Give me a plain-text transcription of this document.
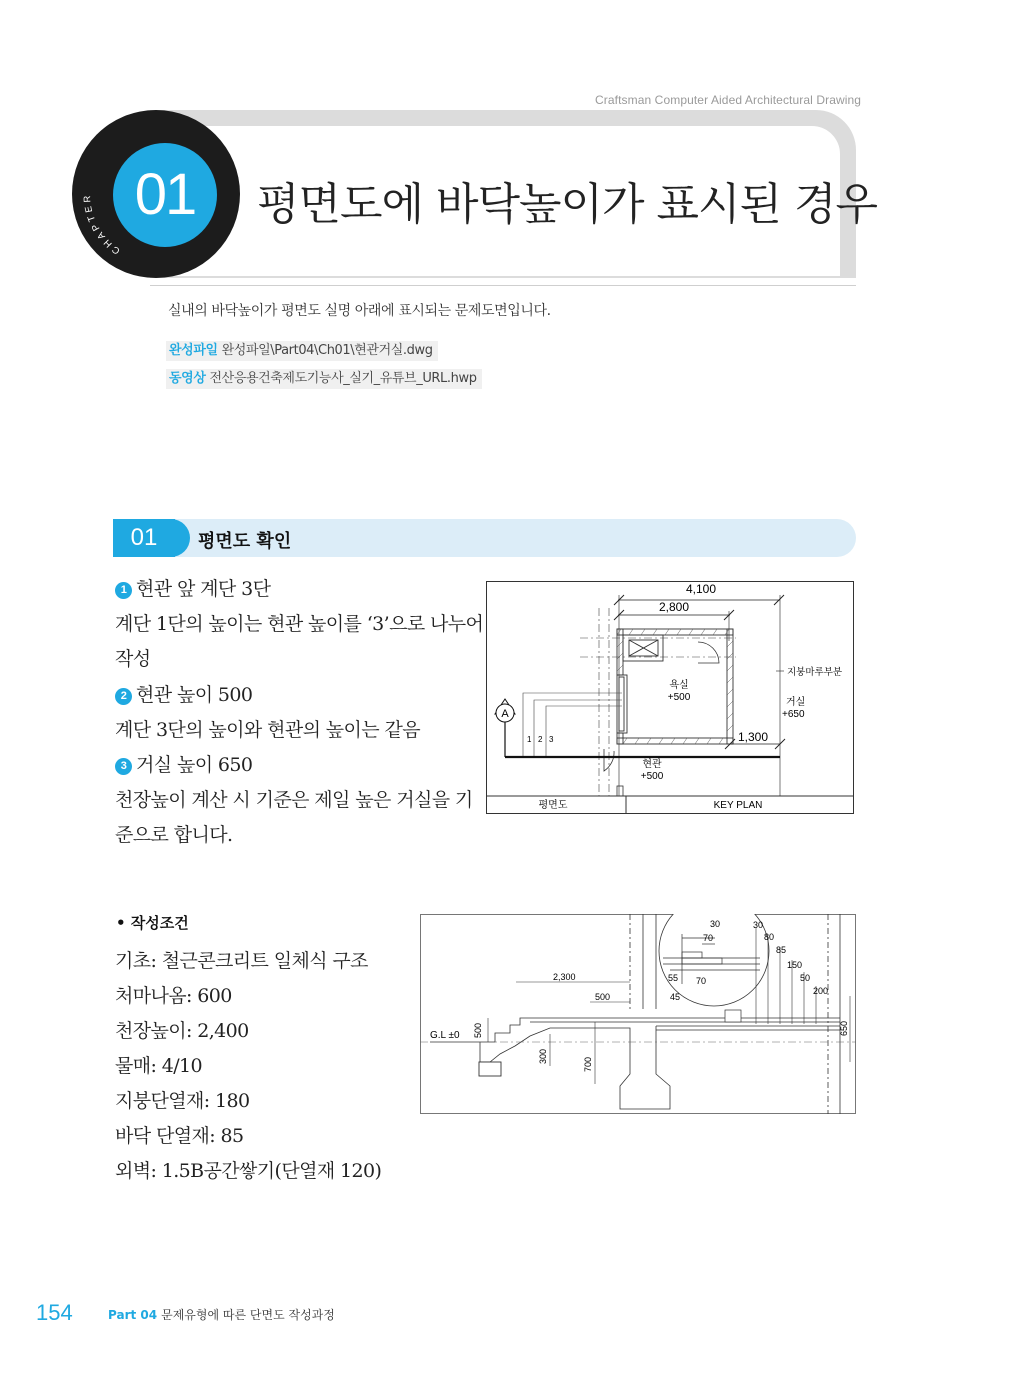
Craftsman Computer Aided Architectural Drawing
CHAPTER 01	평면도에 바닥높이가 표시된 경우
실내의 바닥높이가 평면도 실명 아래에 표시되는 문제도면입니다.
완성파일 완성파일\Part04\Ch01\현관거실.dwg
동영상 전산응용건축제도기능사_실기_유튜브_URL.hwp
01	평면도 확인
1 현관 앞 계단 3단
계단 1단의 높이는 현관 높이를 ‘3’으로 나누어
작성
2 현관 높이 500
계단 3단의 높이와 현관의 높이는 같음
3 거실 높이 650
천장높이 계산 시 기준은 제일 높은 거실을 기
준으로 합니다.
평면도	KEY PLAN
4,100
2,800
욕실
+500	거실
+650
현관
+500
지붕마루부분
1,300
1 2 3
A
• 작성조건
기초: 철근콘크리트 일체식 구조
처마나옴: 600
천장높이: 2,400
물매: 4/10
지붕단열재: 180
바닥 단열재: 85
외벽: 1.5B공간쌓기(단열재 120)
G.L ±0
30
70
55 70
45
30
80
85
150
50
200
2,300
500
500
300
700
650
154	Part 04 문제유형에 따른 단면도 작성과정
